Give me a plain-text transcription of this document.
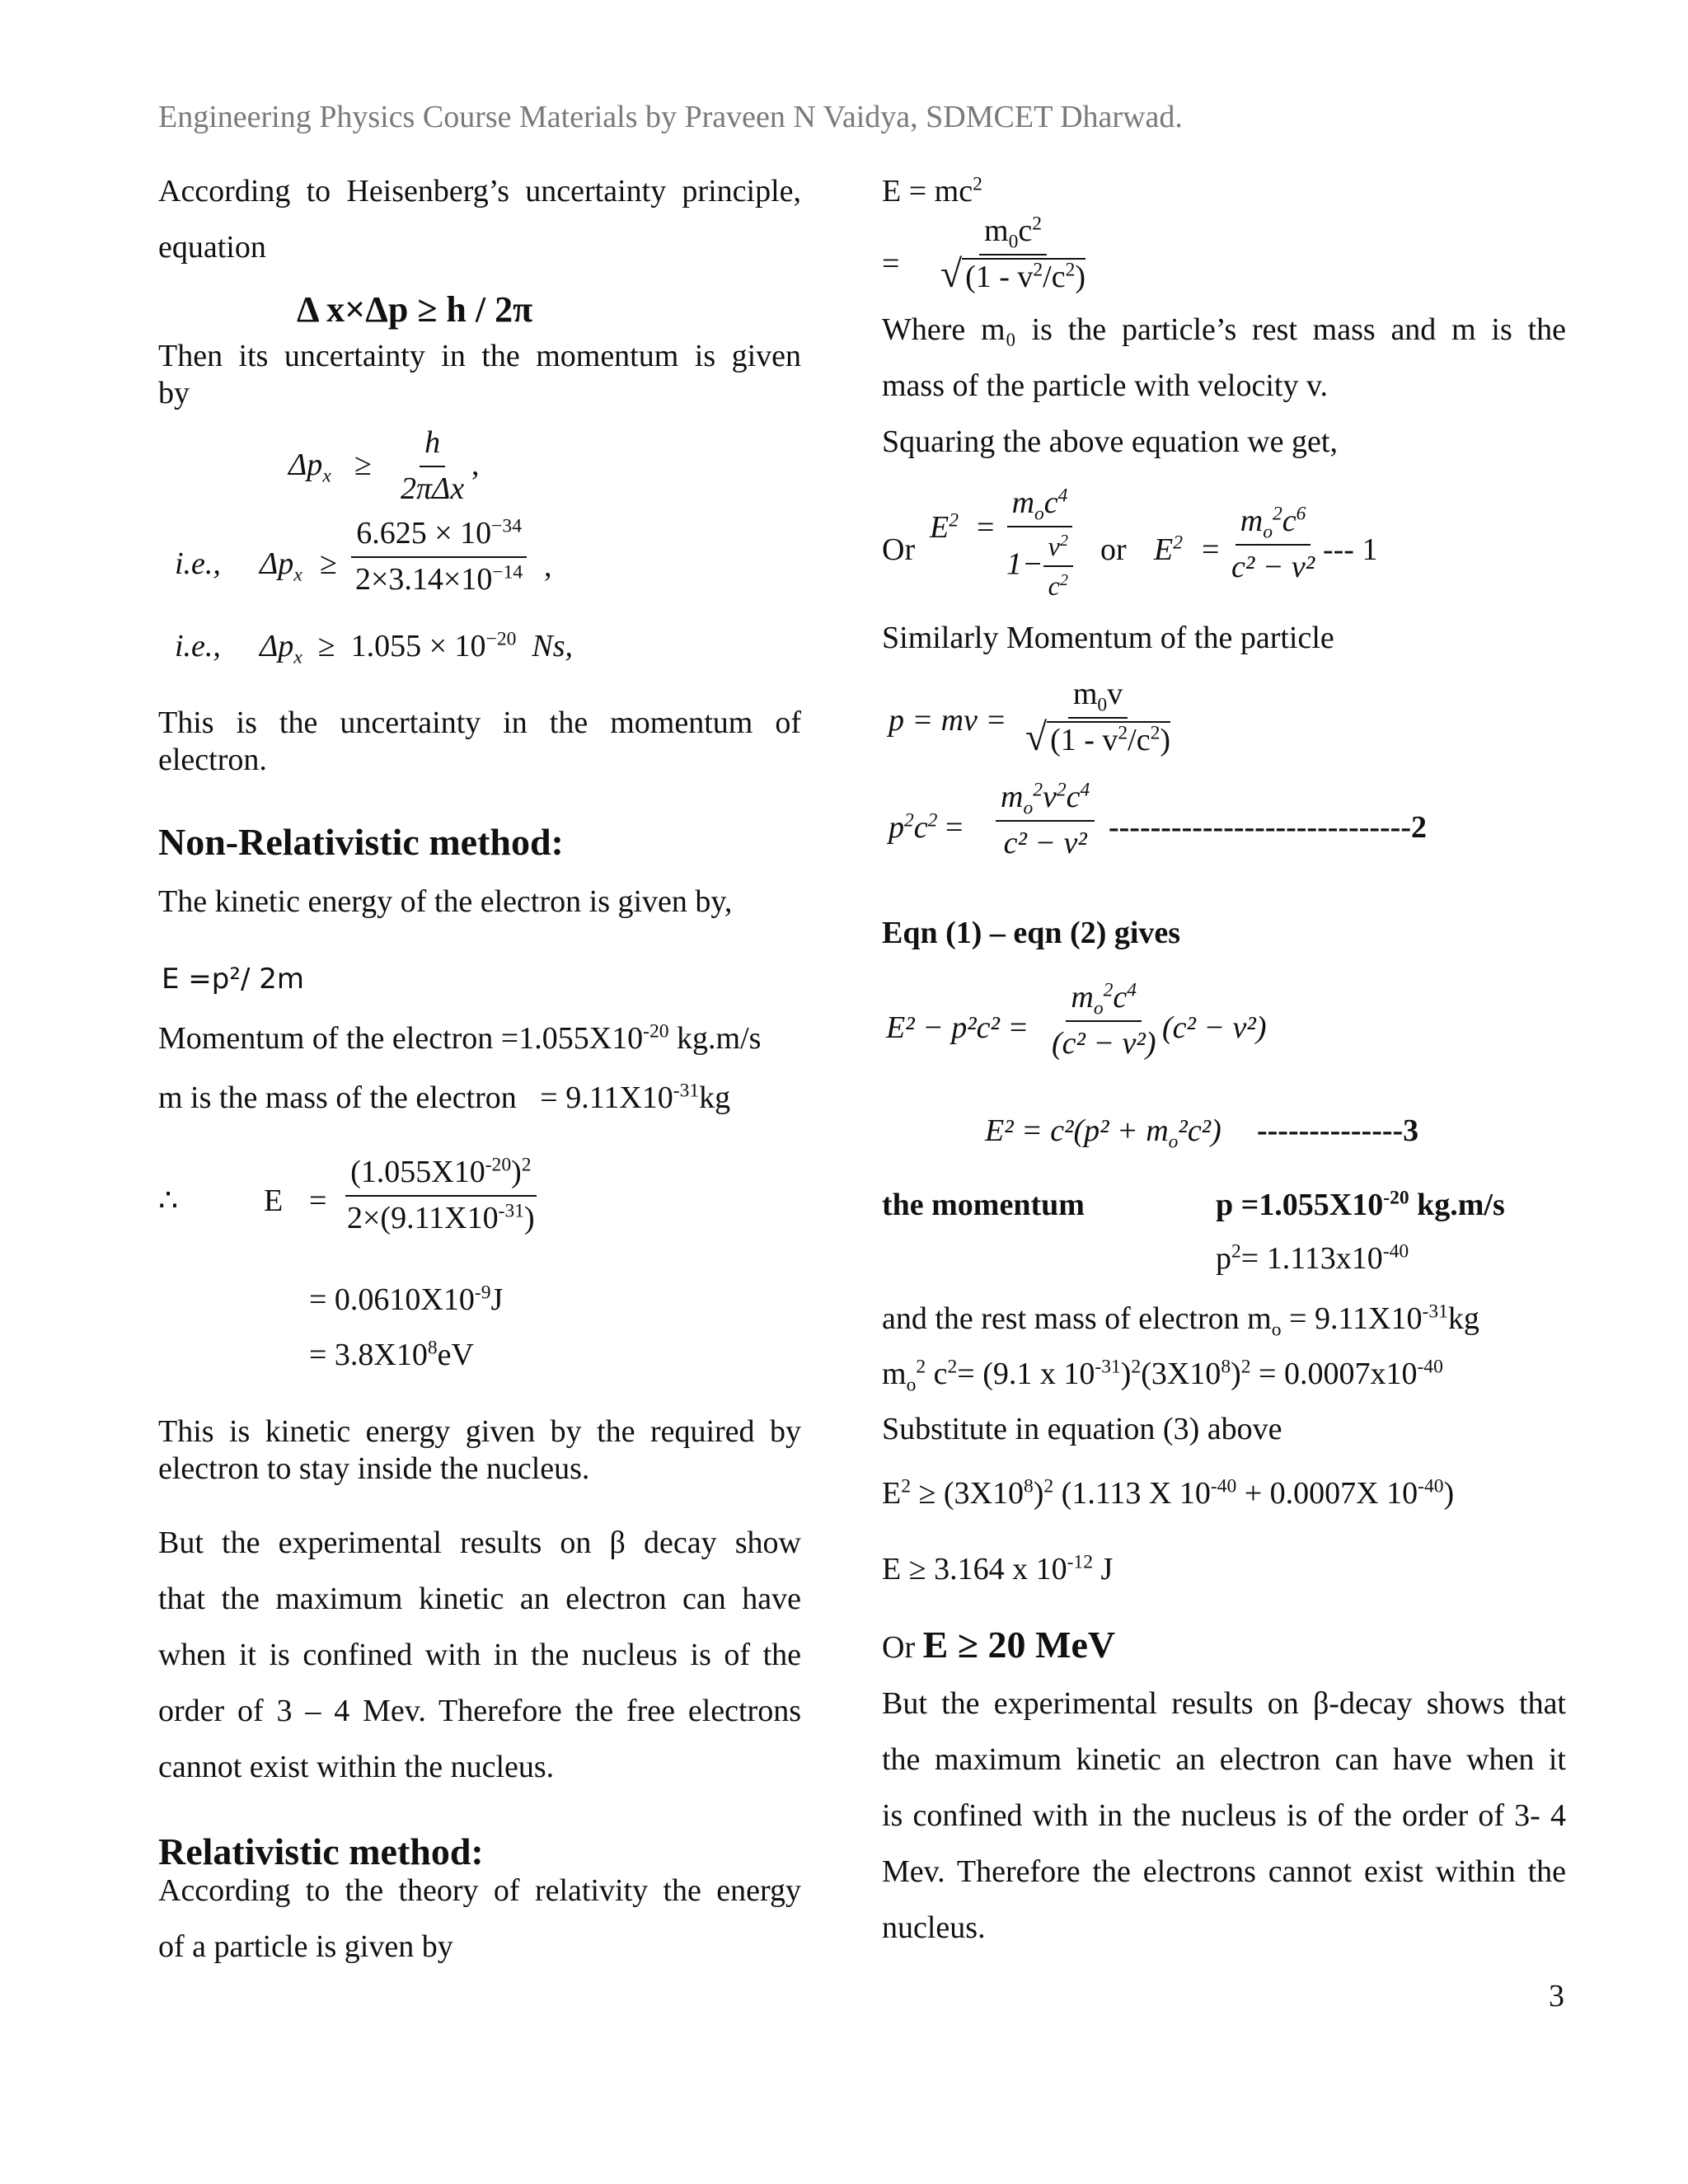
Engineering Physics Course Materials by Praveen N Vaidya, SDMCET Dharwad.
According to Heisenberg’s uncertainty principle,
equation
Δ x×Δp ≥ h / 2π
Then its uncertainty in the momentum is given
by
$\Delta p_x \ge \frac{h}{\text{2πΔx}}$ ,
i.e., $\Delta p_x \ge \frac{6.625 \times 10^{-34}}{2\times 3.14\times 10^{-14}}$ ,
i.e., $\Delta p_x \ge 1.055 \times 10^{-20}$ Ns,
This is the uncertainty in the momentum of
electron.
Non-Relativistic method:
The kinetic energy of the electron is given by,
E =p²/ 2m
Momentum of the electron $=1.055X10^{-20}$ kg.m/s
m is the mass of the electron   = $9.11X10^{-31}kg$
∴	$E = \frac{(1.055X10^{-20})^2}{2\times(9.11X10^{-31})}$
= $0.0610X10^{-9}J$
= $3.8X10^8eV$
This is kinetic energy given by the required by
electron to stay inside the nucleus.
But the experimental results on β decay show
that the maximum kinetic an electron can have
when it is confined with in the nucleus is of the
order of 3 – 4 Mev. Therefore the free electrons
cannot exist within the nucleus.
Relativistic method:
According to the theory of relativity the energy
of a particle is given by
$E = mc^2$
= $\frac{m_0c^2}{√ (1 - v^2/c^2)}$
Where m₀ is the particle’s rest mass and m is the
mass of the particle with velocity v.
Squaring the above equation we get,
Or
$E^2 = \frac{m_oc^4}{1- \frac{v^2}{c^2}}$ or $E^2 = \frac{m_o^2c^6}{\text{c² − v²}}$ --- 1
Similarly Momentum of the particle
p = mv = $\frac{m_0v}{√ (1 - v^2/c^2)}$
$p^2c^2 = \frac{m_o^2v^2c^4}{\text{c² − v²}} -----------------------------2$
Eqn (1) – eqn (2) gives
$E^2 - p^2c^2 = \frac{m_o^2c^4}{\text{(c² − v²)}} (c^2 - v^2)$
$E^2 = c^2(p^2 + m_o^2c^2)$ --------------3
the momentum	$p =1.055X10^{-20}$ kg.m/s
$p^2= 1.113x10^{-40}$
and the rest mass of electron $m_o = 9.11X10^{-31}kg$
$m_o^2$ $c^2= (9.1$ x $10^{-31})^2(3X10^8)^2 = 0.0007x10^{-40}$
Substitute in equation (3) above
$E^2 \ge (3X10^8)^2$ (1.113 X $10^{-40} + 0.0007X$ $10^{-40}$)
E ≥ 3.164 x $10^{-12}$ J
Or E ≥ 20 MeV
But the experimental results on β-decay shows that
the maximum kinetic an electron can have when it
is confined with in the nucleus is of the order of 3- 4
Mev. Therefore the electrons cannot exist within the
nucleus.
3
